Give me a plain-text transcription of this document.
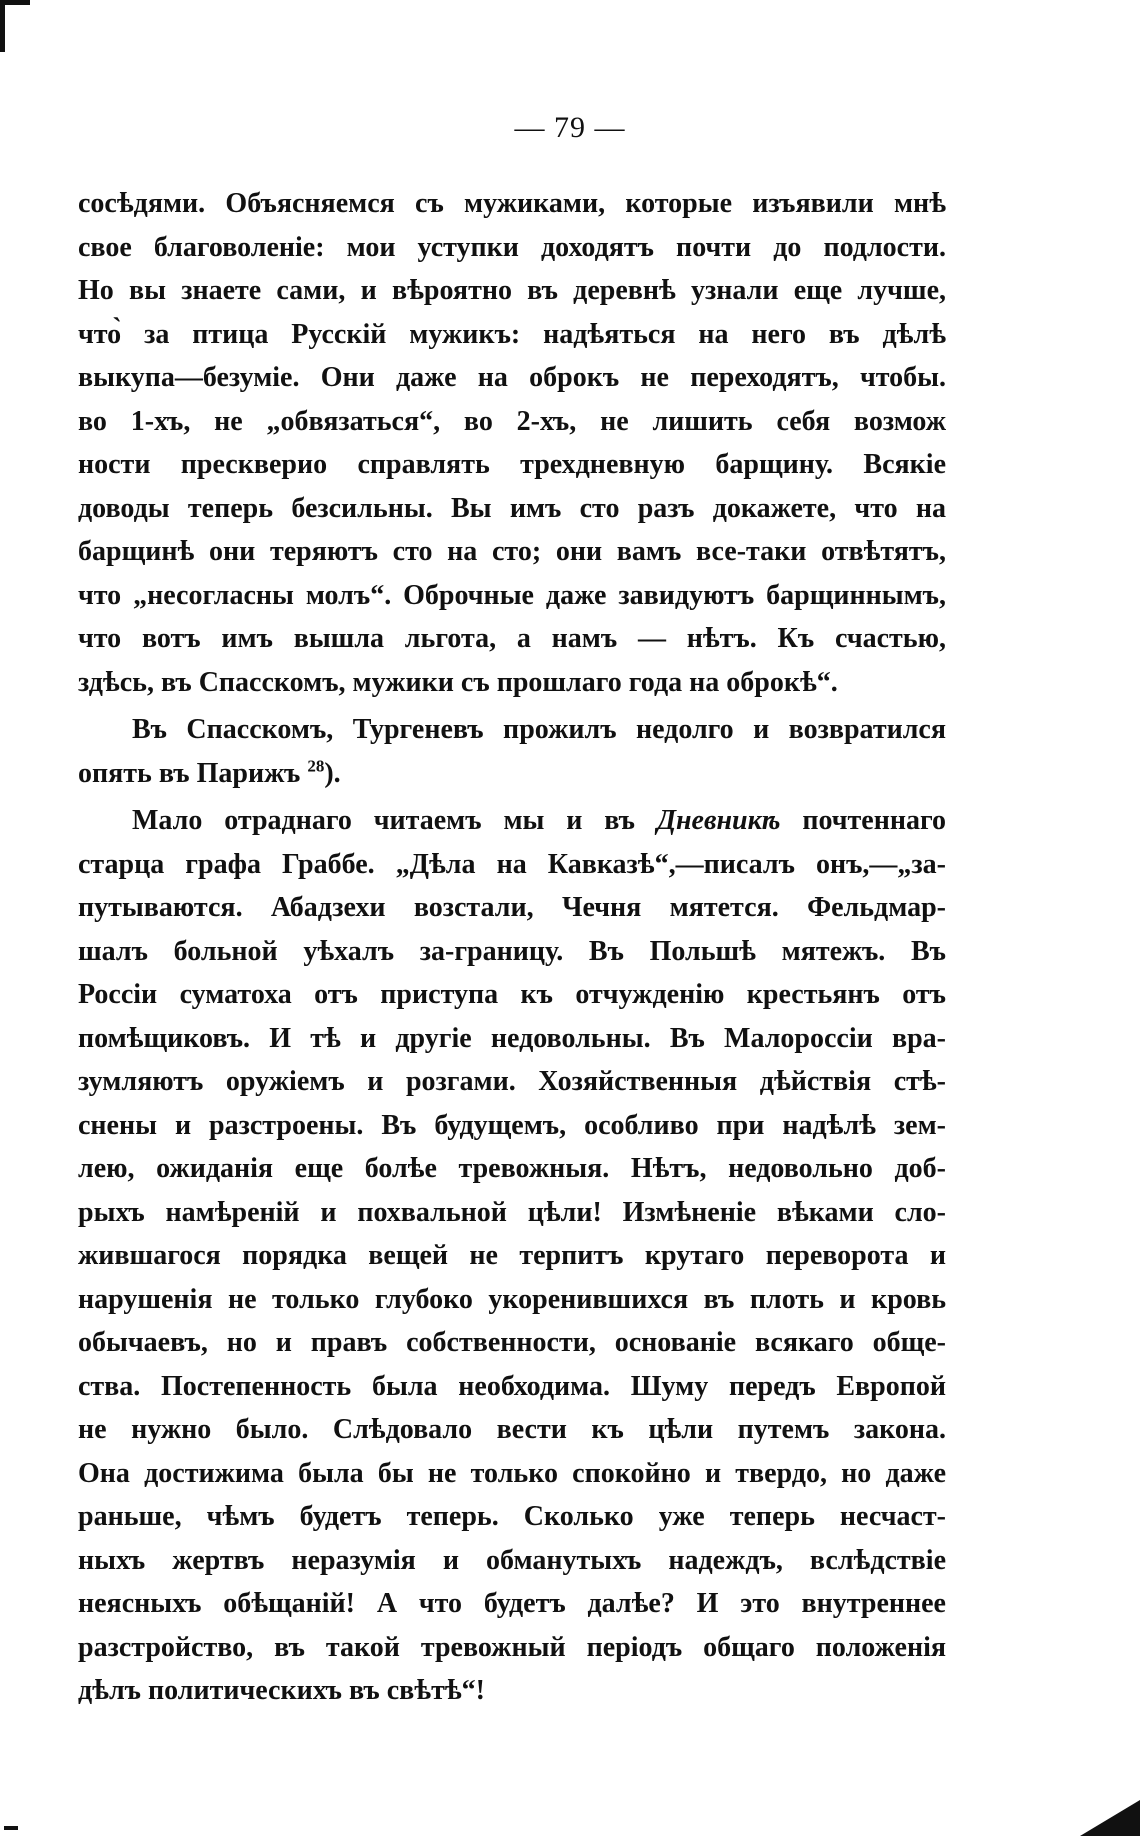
— 79 —
сосѣдями. Объясняемся съ мужиками, которые изъявили мнѣ
свое благоволеніе: мои уступки доходятъ почти до подлости.
Но вы знаете сами, и вѣроятно въ деревнѣ узнали еще лучше,
что̀ за птица Русскій мужикъ: надѣяться на него въ дѣлѣ
выкупа—безуміе. Они даже на оброкъ не переходятъ, чтобы.
во 1-хъ, не „обвязаться“, во 2-хъ, не лишить себя возмож
ности пресквериo справлять трехдневную барщину. Всякіе
доводы теперь безсильны. Вы имъ сто разъ докажете, что на
барщинѣ они теряютъ сто на сто; они вамъ все-таки отвѣтятъ,
что „несогласны молъ“. Оброчные даже завидуютъ барщиннымъ,
что вотъ имъ вышла льгота, а намъ — нѣтъ. Къ счастью,
здѣсь, въ Спасскомъ, мужики съ прошлаго года на оброкѣ“.
Въ Спасскомъ, Тургеневъ прожилъ недолго и возвратился
опять въ Парижъ $^{28}$).
Мало отраднаго читаемъ мы и въ Дневникѣ почтеннаго
старца графа Граббе. „Дѣла на Кавказѣ“,—писалъ онъ,—„за-
путываются. Абадзехи возстали, Чечня мятется. Фельдмар-
шалъ больной уѣхалъ за-границу. Въ Польшѣ мятежъ. Въ
Россіи суматоха отъ приступа къ отчужденію крестьянъ отъ
помѣщиковъ. И тѣ и другіе недовольны. Въ Малороссіи вра-
зумляютъ оружіемъ и розгами. Хозяйственныя дѣйствія стѣ-
снены и разстроены. Въ будущемъ, особливо при надѣлѣ зем-
лею, ожиданія еще болѣе тревожныя. Нѣтъ, недовольно доб-
рыхъ намѣреній и похвальной цѣли! Измѣненіе вѣками сло-
жившагося порядка вещей не терпитъ крутаго переворота и
нарушенія не только глубоко укоренившихся въ плоть и кровь
обычаевъ, но и правъ собственности, основаніе всякаго обще-
ства. Постепенность была необходима. Шуму передъ Европой
не нужно было. Слѣдовало вести къ цѣли путемъ закона.
Она достижима была бы не только спокойно и твердо, но даже
раньше, чѣмъ будетъ теперь. Сколько уже теперь несчаст-
ныхъ жертвъ неразумія и обманутыхъ надеждъ, вслѣдствіе
неясныхъ обѣщаній! А что будетъ далѣе? И это внутреннее
разстройство, въ такой тревожный періодъ общаго положенія
дѣлъ политическихъ въ свѣтѣ“!
